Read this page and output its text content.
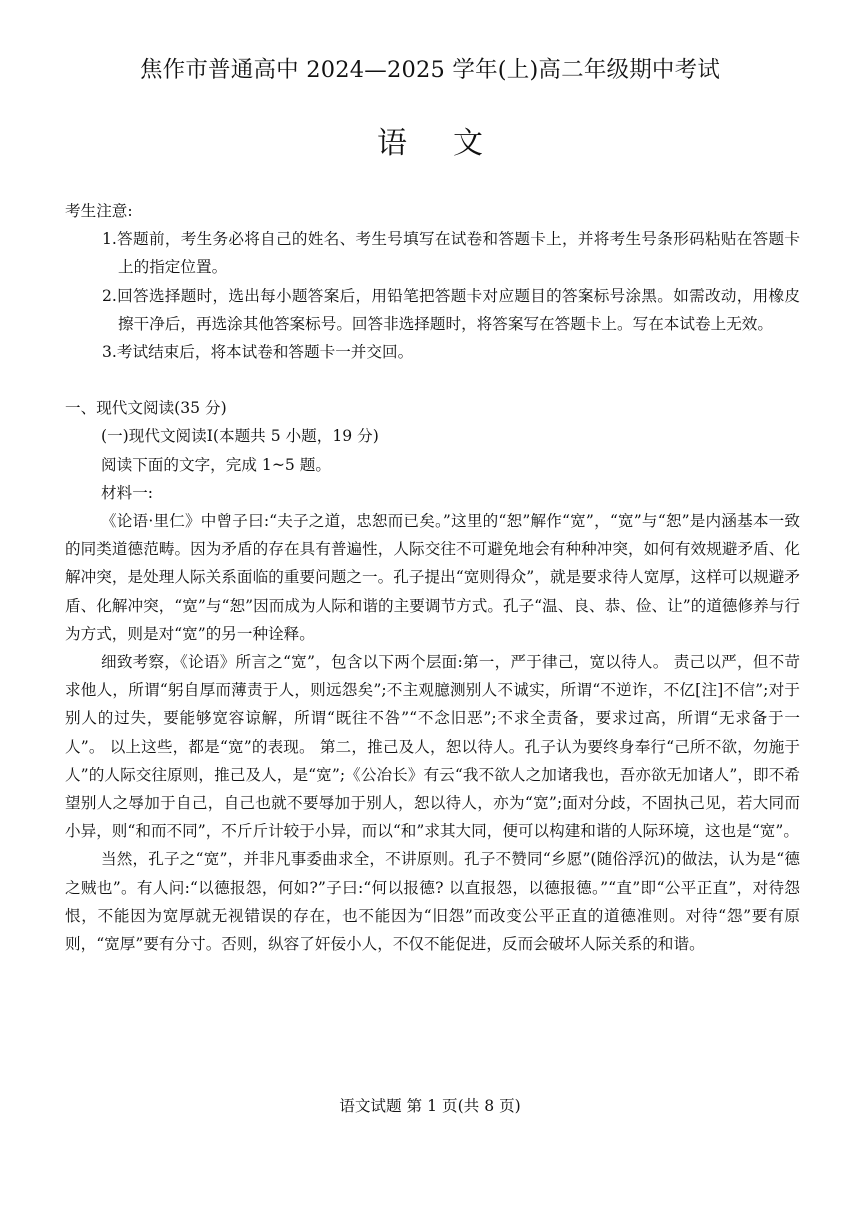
焦作市普通高中 2024—2025 学年(上)高二年级期中考试
语 文

考生注意:

1.答题前，考生务必将自己的姓名、考生号填写在试卷和答题卡上，并将考生号条形码粘贴在答题卡上的指定位置。

2.回答选择题时，选出每小题答案后，用铅笔把答题卡对应题目的答案标号涂黑。如需改动，用橡皮擦干净后，再选涂其他答案标号。回答非选择题时，将答案写在答题卡上。写在本试卷上无效。

3.考试结束后，将本试卷和答题卡一并交回。

一、现代文阅读(35 分)

(一)现代文阅读Ⅰ(本题共 5 小题，19 分)

阅读下面的文字，完成 1~5 题。

材料一:

《论语·里仁》中曾子曰:“夫子之道，忠恕而已矣。”这里的“恕”解作“宽”，“宽”与“恕”是内涵基本一致的同类道德范畴。因为矛盾的存在具有普遍性，人际交往不可避免地会有种种冲突，如何有效规避矛盾、化解冲突，是处理人际关系面临的重要问题之一。孔子提出“宽则得众”，就是要求待人宽厚，这样可以规避矛盾、化解冲突，“宽”与“恕”因而成为人际和谐的主要调节方式。孔子“温、良、恭、俭、让”的道德修养与行为方式，则是对“宽”的另一种诠释。

细致考察，《论语》所言之“宽”，包含以下两个层面:第一，严于律己，宽以待人。 责己以严，但不苛求他人，所谓“躬自厚而薄责于人，则远怨矣”;不主观臆测别人不诚实，所谓“不逆诈，不亿[注]不信”;对于别人的过失，要能够宽容谅解，所谓“既往不咎”“不念旧恶”;不求全责备，要求过高，所谓“无求备于一人”。 以上这些，都是“宽”的表现。 第二，推己及人，恕以待人。孔子认为要终身奉行“己所不欲，勿施于人”的人际交往原则，推己及人，是“宽”;《公冶长》有云“我不欲人之加诸我也，吾亦欲无加诸人”，即不希望别人之辱加于自己，自己也就不要辱加于别人，恕以待人，亦为“宽”;面对分歧，不固执己见，若大同而小异，则“和而不同”，不斤斤计较于小异，而以“和”求其大同，便可以构建和谐的人际环境，这也是“宽”。

当然，孔子之“宽”，并非凡事委曲求全，不讲原则。孔子不赞同“乡愿”(随俗浮沉)的做法，认为是“德之贼也”。有人问:“以德报怨，何如?”子曰:“何以报德? 以直报怨，以德报德。”“直”即“公平正直”，对待怨恨，不能因为宽厚就无视错误的存在，也不能因为“旧怨”而改变公平正直的道德准则。对待“怨”要有原则，“宽厚”要有分寸。否则，纵容了奸佞小人，不仅不能促进，反而会破坏人际关系的和谐。

语文试题 第 1 页(共 8 页)
